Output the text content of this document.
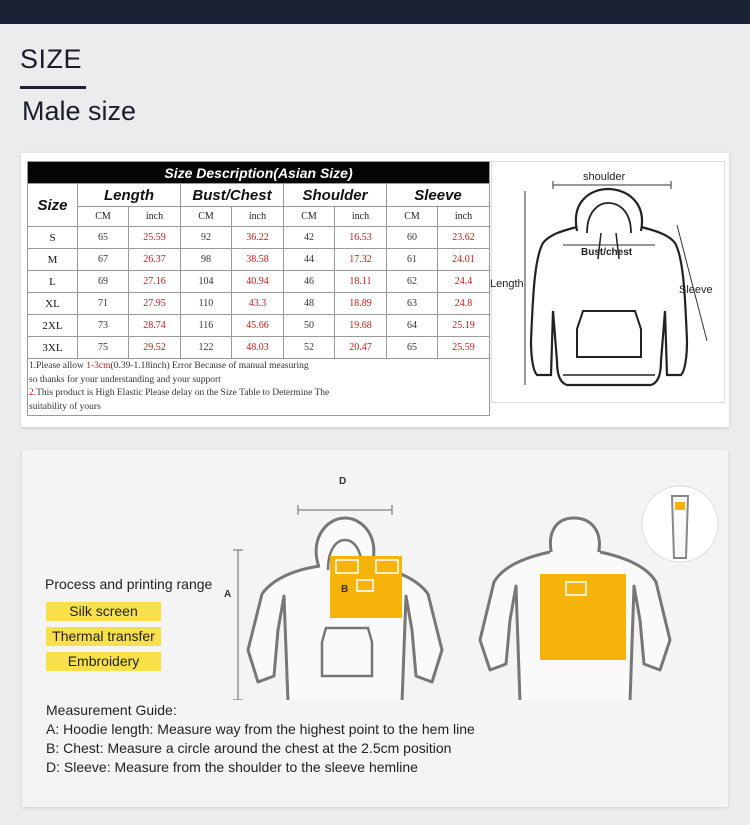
SIZE
Male size
Size Description(Asian Size)								
Size	Length		Bust/Chest		Shoulder		Sleeve	
	CM	inch	CM	inch	CM	inch	CM	inch
S	65	25.59	92	36.22	42	16.53	60	23.62
M	67	26.37	98	38.58	44	17.32	61	24.01
L	69	27.16	104	40.94	46	18.11	62	24.4
XL	71	27.95	110	43.3	48	18.89	63	24.8
2XL	73	28.74	116	45.66	50	19.68	64	25.19
3XL	75	29.52	122	48.03	52	20.47	65	25.59

1.Please allow 1-3cm(0.39-1.18inch) Error Because of manual measuring
so thanks for your understanding and your support
2.This product is High Elastic Please delay on the Size Table to Determine The
suitability of yours								
shoulder
Bust/chest
Length	Sleeve
Process and printing range
Silk screen
Thermal transfer
Embroidery
D
A	B
Measurement Guide:
A: Hoodie length: Measure way from the highest point to the hem line
B: Chest: Measure a circle around the chest at the 2.5cm position
D: Sleeve: Measure from the shoulder to the sleeve hemline
